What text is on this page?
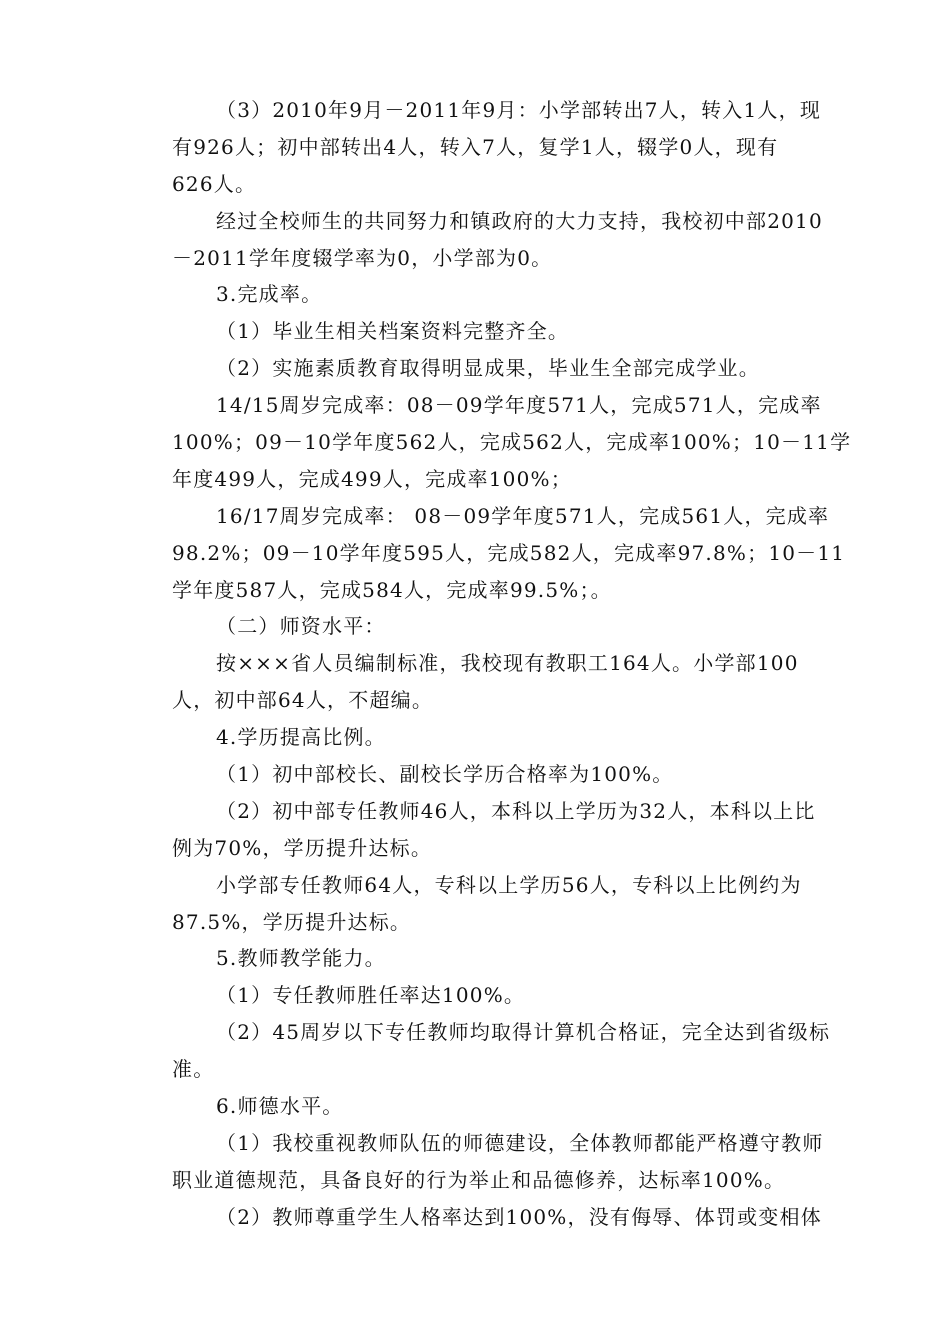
（3）2010年9月－2011年9月：小学部转出7人，转入1人，现
有926人；初中部转出4人，转入7人，复学1人，辍学0人，现有
626人。
经过全校师生的共同努力和镇政府的大力支持，我校初中部2010
－2011学年度辍学率为0，小学部为0。
3.完成率。
（1）毕业生相关档案资料完整齐全。
（2）实施素质教育取得明显成果，毕业生全部完成学业。
14/15周岁完成率：08－09学年度571人，完成571人，完成率
100%；09－10学年度562人，完成562人，完成率100%；10－11学
年度499人，完成499人，完成率100%；
16/17周岁完成率： 08－09学年度571人，完成561人，完成率
98.2%；09－10学年度595人，完成582人，完成率97.8%；10－11
学年度587人，完成584人，完成率99.5%；。
（二）师资水平：
按×××省人员编制标准，我校现有教职工164人。小学部100
人，初中部64人，不超编。
4.学历提高比例。
（1）初中部校长、副校长学历合格率为100%。
（2）初中部专任教师46人，本科以上学历为32人，本科以上比
例为70%，学历提升达标。
小学部专任教师64人，专科以上学历56人，专科以上比例约为
87.5%，学历提升达标。
5.教师教学能力。
（1）专任教师胜任率达100%。
（2）45周岁以下专任教师均取得计算机合格证，完全达到省级标
准。
6.师德水平。
（1）我校重视教师队伍的师德建设，全体教师都能严格遵守教师
职业道德规范，具备良好的行为举止和品德修养，达标率100%。
（2）教师尊重学生人格率达到100%，没有侮辱、体罚或变相体
